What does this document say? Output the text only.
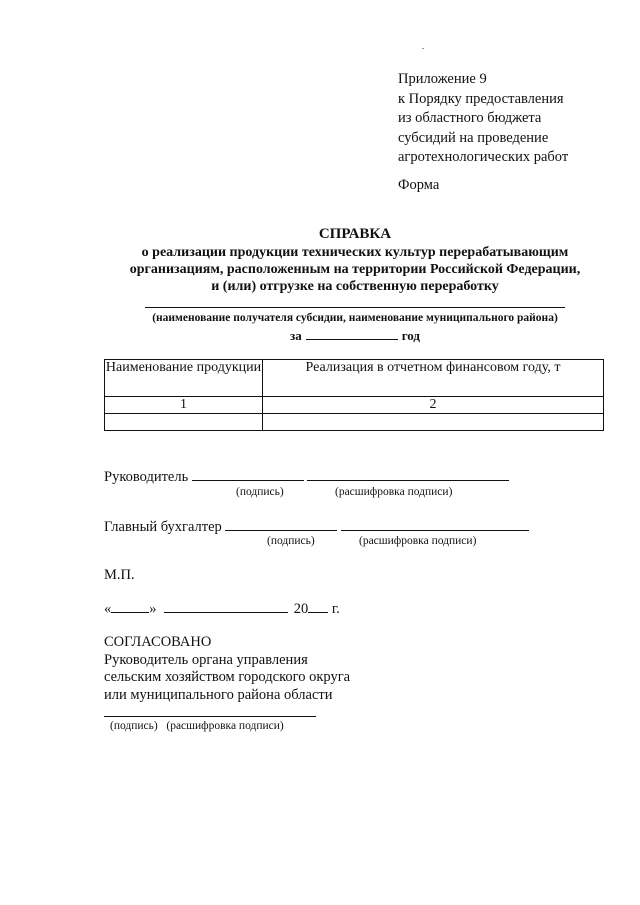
Приложение 9
к Порядку предоставления
из областного бюджета
субсидий на проведение
агротехнологических работ
Форма
СПРАВКА
о реализации продукции технических культур перерабатывающим
организациям, расположенным на территории Российской Федерации,
и (или) отгрузке на собственную переработку
(наименование получателя субсидии, наименование муниципального района)
за	год
Наименование продукции	Реализация в отчетном финансовом году, т
1	2

Руководитель
(подпись)	(расшифровка подписи)
Главный бухгалтер
(подпись)	(расшифровка подписи)
М.П.
«	»	20 г.
СОГЛАСОВАНО
Руководитель органа управления
сельским хозяйством городского округа
или муниципального района области
(подпись)   (расшифровка подписи)
